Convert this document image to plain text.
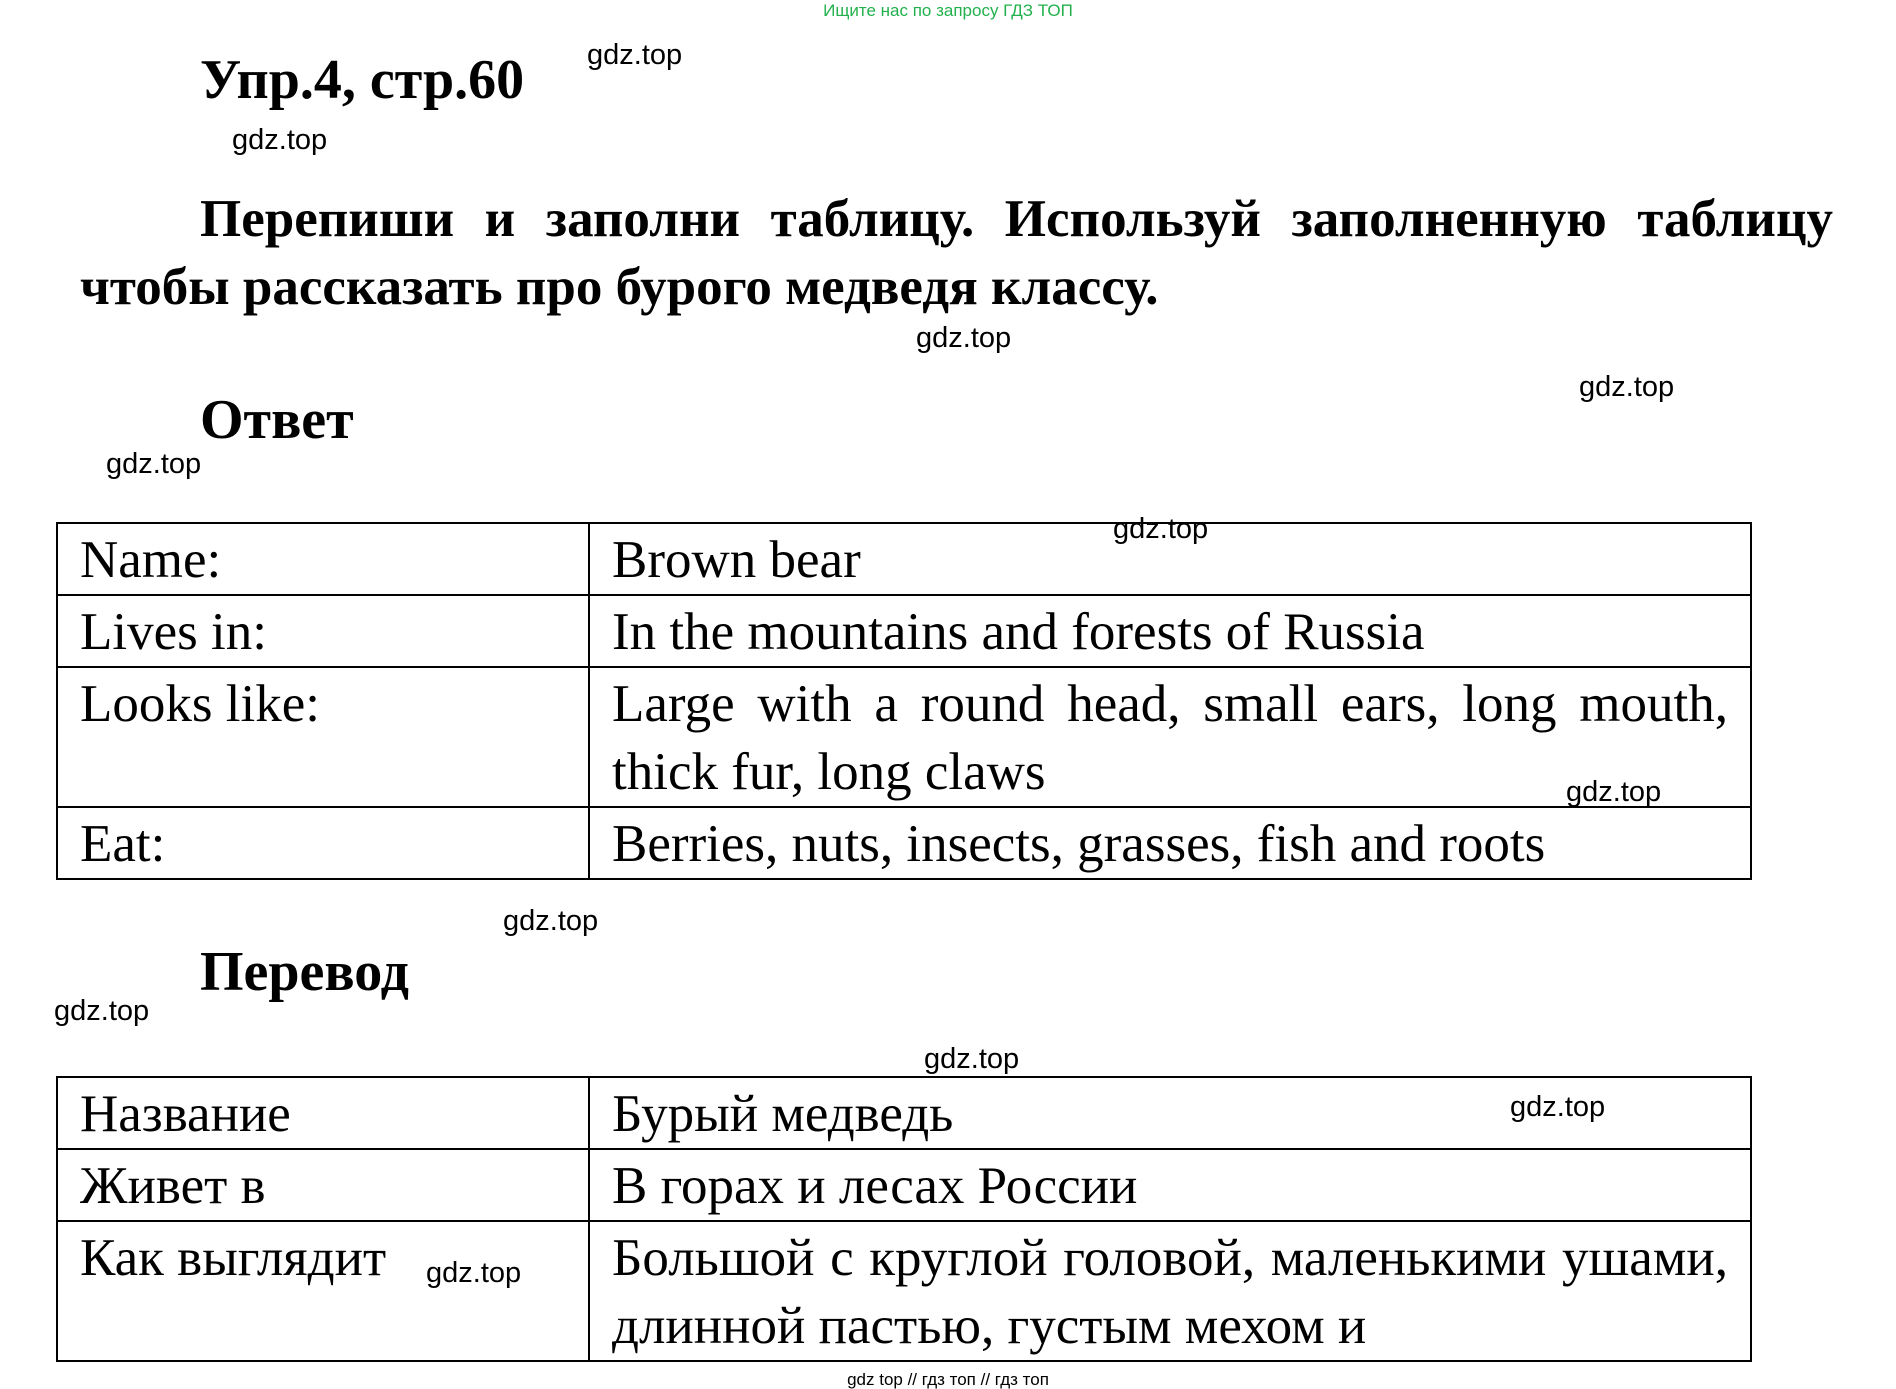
Ищите нас по запросу ГДЗ ТОП
Упр.4, стр.60
Перепиши и заполни таблицу. Используй заполненную таблицу чтобы рассказать про бурого медведя классу.
Ответ
Name:	Brown bear
Lives in:	In the mountains and forests of Russia
Looks like:	Large with a round head, small ears, long mouth, thick fur, long claws
Eat:	Berries, nuts, insects, grasses, fish and roots
Перевод
Название	Бурый медведь
Живет в	В горах и лесах России

Как выглядит	Большой с круглой головой, маленькими ушами, длинной пастью, густым мехом и
gdz.top
gdz.top
gdz.top
gdz.top
gdz.top
gdz.top
gdz.top
gdz.top
gdz.top
gdz.top
gdz.top
gdz.top
gdz top // гдз топ // гдз топ
